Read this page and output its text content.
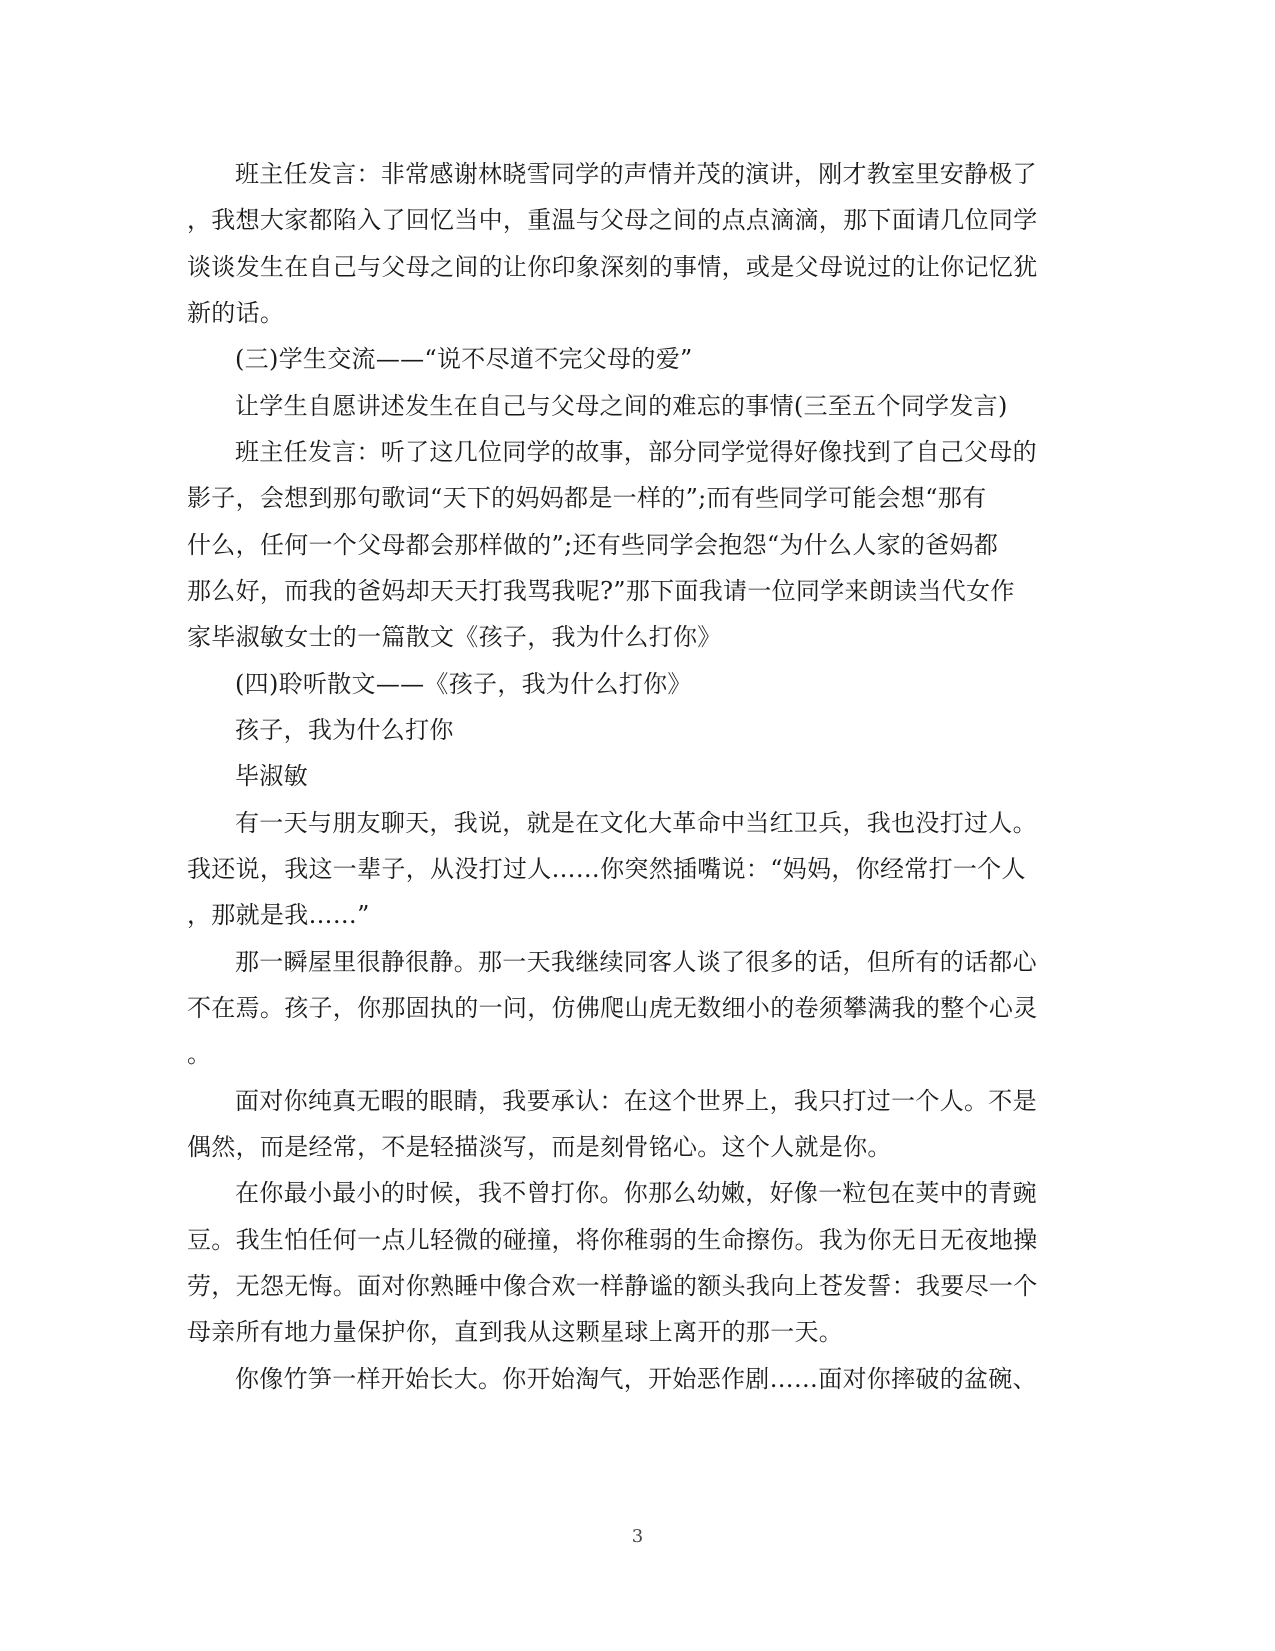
班主任发言：非常感谢林晓雪同学的声情并茂的演讲，刚才教室里安静极了
，我想大家都陷入了回忆当中，重温与父母之间的点点滴滴，那下面请几位同学
谈谈发生在自己与父母之间的让你印象深刻的事情，或是父母说过的让你记忆犹
新的话。
(三)学生交流——“说不尽道不完父母的爱”
让学生自愿讲述发生在自己与父母之间的难忘的事情(三至五个同学发言)
班主任发言：听了这几位同学的故事，部分同学觉得好像找到了自己父母的
影子，会想到那句歌词“天下的妈妈都是一样的”;而有些同学可能会想“那有
什么，任何一个父母都会那样做的”;还有些同学会抱怨“为什么人家的爸妈都
那么好，而我的爸妈却天天打我骂我呢?”那下面我请一位同学来朗读当代女作
家毕淑敏女士的一篇散文《孩子，我为什么打你》
(四)聆听散文——《孩子，我为什么打你》
孩子，我为什么打你
毕淑敏
有一天与朋友聊天，我说，就是在文化大革命中当红卫兵，我也没打过人。
我还说，我这一辈子，从没打过人……你突然插嘴说：“妈妈，你经常打一个人
，那就是我……”
那一瞬屋里很静很静。那一天我继续同客人谈了很多的话，但所有的话都心
不在焉。孩子，你那固执的一问，仿佛爬山虎无数细小的卷须攀满我的整个心灵
。
面对你纯真无暇的眼睛，我要承认：在这个世界上，我只打过一个人。不是
偶然，而是经常，不是轻描淡写，而是刻骨铭心。这个人就是你。
在你最小最小的时候，我不曾打你。你那么幼嫩，好像一粒包在荚中的青豌
豆。我生怕任何一点儿轻微的碰撞，将你稚弱的生命擦伤。我为你无日无夜地操
劳，无怨无悔。面对你熟睡中像合欢一样静谧的额头我向上苍发誓：我要尽一个
母亲所有地力量保护你，直到我从这颗星球上离开的那一天。
你像竹笋一样开始长大。你开始淘气，开始恶作剧……面对你摔破的盆碗、
3
